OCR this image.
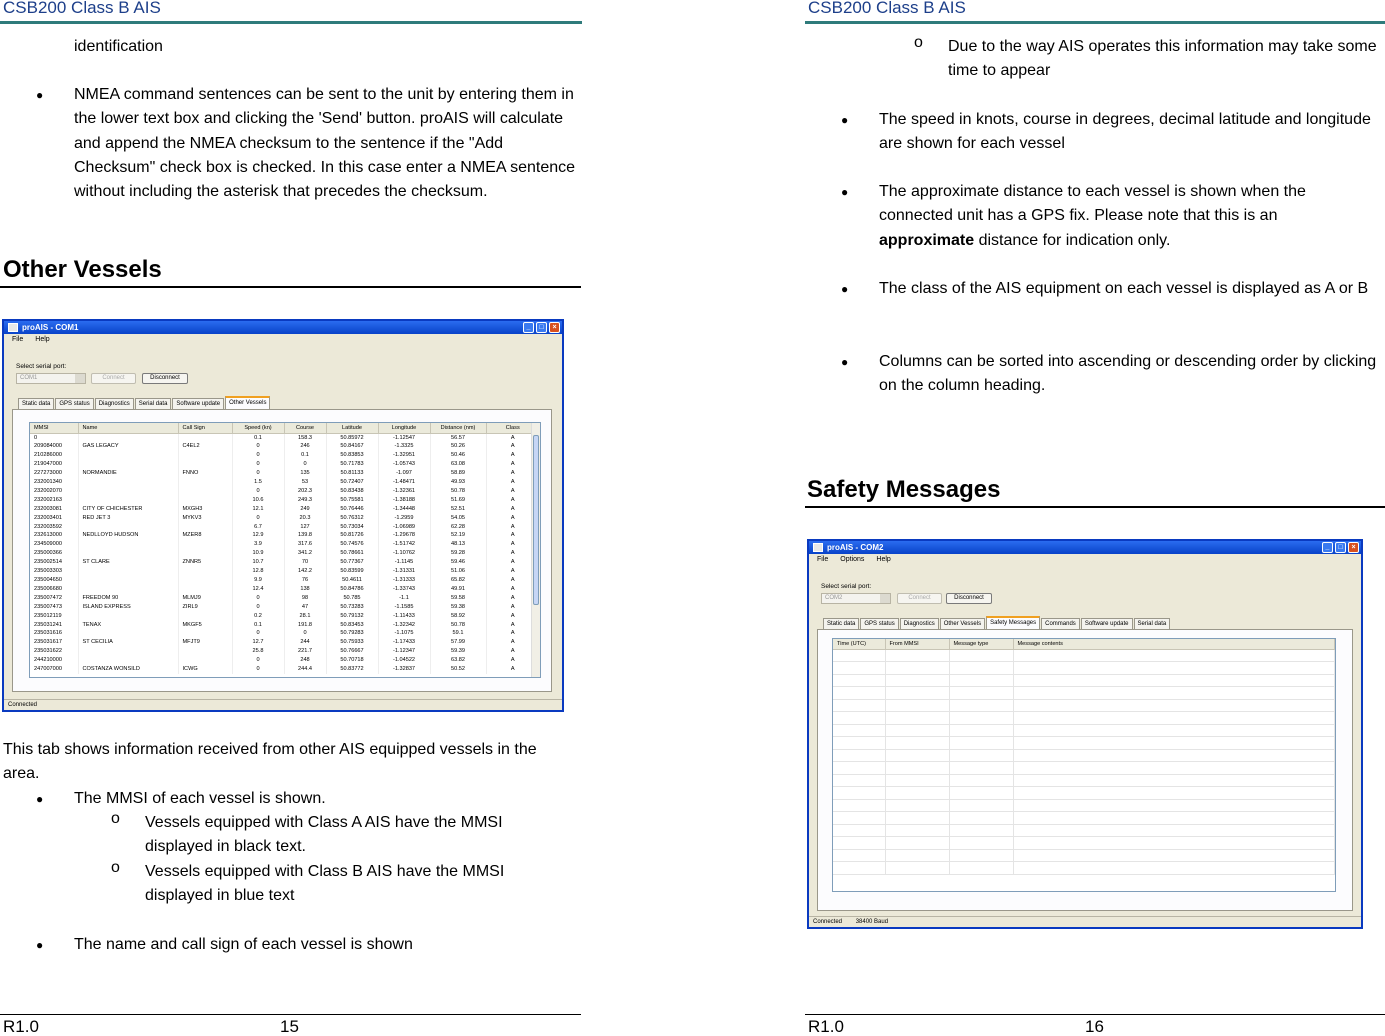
CSB200 Class B AIS
identification
●	NMEA command sentences can be sent to the unit by entering them in the lower text box and clicking the 'Send' button. proAIS will calculate and append the NMEA checksum to the sentence if the "Add Checksum" check box is checked. In this case enter a NMEA sentence without including the asterisk that precedes the checksum.
Other Vessels
proAIS - COM1	_	□	×
File Help
Select serial port:
COM1	Connect	Disconnect
Static data	GPS status	Diagnostics	Serial data	Software update	Other Vessels
MMSI	Name	Call Sign	Speed (kn)	Course	Latitude	Longitude	Distance (nm)	Class
0			0.1	158.3	50.85972	-1.12547	56.57	A
209084000	GAS LEGACY	C4EL2	0	246	50.84167	-1.3325	50.26	A
210286000			0	0.1	50.83853	-1.32951	50.46	A
219047000			0	0	50.71783	-1.05743	63.08	A
227273000	NORMANDIE	FNNO	0	135	50.81133	-1.097	58.89	A
232001340			1.5	53	50.72407	-1.48471	49.93	A
232002070			0	202.3	50.83438	-1.32361	50.78	A
232002163			10.6	249.3	50.75581	-1.38188	51.69	A
232003081	CITY OF CHICHESTER	MXGH3	12.1	249	50.76446	-1.34448	52.51	A
232003401	RED JET 3	MYKV3	0	20.3	50.76312	-1.2959	54.05	A
232003592			6.7	127	50.73034	-1.06989	62.28	A
232613000	NEDLLOYD HUDSON	MZER8	12.9	139.8	50.81726	-1.29678	52.19	A
234509000			3.9	317.6	50.74576	-1.51742	48.13	A
235000366			10.9	341.2	50.78661	-1.10762	59.28	A
235002514	ST CLARE	ZNNR5	10.7	70	50.77367	-1.1145	59.46	A
235003303			12.8	142.2	50.83599	-1.31331	51.06	A
235004650			9.9	76	50.4611	-1.31333	65.82	A
235006680			12.4	138	50.84786	-1.33743	49.91	A
235007472	FREEDOM 90	MLMJ9	0	98	50.785	-1.1	59.58	A
235007473	ISLAND EXPRESS	ZIRL9	0	47	50.73283	-1.1585	59.38	A
235012119			0.2	28.1	50.79132	-1.11433	58.92	A
235031241	TENAX	MKGF5	0.1	191.8	50.83453	-1.32342	50.78	A
235031616			0	0	50.79283	-1.1075	59.1	A
235031617	ST CECILIA	MFJT9	12.7	244	50.75933	-1.17433	57.99	A
235031622			25.8	221.7	50.76667	-1.12347	59.39	A
244210000			0	248	50.70718	-1.04522	63.82	A
247007000	COSTANZA WONSILD	ICWG	0	244.4	50.83772	-1.32837	50.52	A
Connected
This tab shows information received from other AIS equipped vessels in the area.
●	The MMSI of each vessel is shown.
o Vessels equipped with Class A AIS have the MMSI displayed in black text.
o Vessels equipped with Class B AIS have the MMSI displayed in blue text
●	The name and call sign of each vessel is shown
R1.0	15
CSB200 Class B AIS
o Due to the way AIS operates this information may take some time to appear
●	The speed in knots, course in degrees, decimal latitude and longitude are shown for each vessel
●	The approximate distance to each vessel is shown when the connected unit has a GPS fix. Please note that this is an approximate distance for indication only.
●	The class of the AIS equipment on each vessel is displayed as A or B
●	Columns can be sorted into ascending or descending order by clicking on the column heading.
Safety Messages
proAIS - COM2	_	□	×
File Options Help
Select serial port:
COM2	Connect	Disconnect
Static data	GPS status	Diagnostics	Other Vessels	Safety Messages	Commands	Software update	Serial data
Time (UTC)	From MMSI	Message type	Message contents

Connected 38400 Baud
R1.0	16
